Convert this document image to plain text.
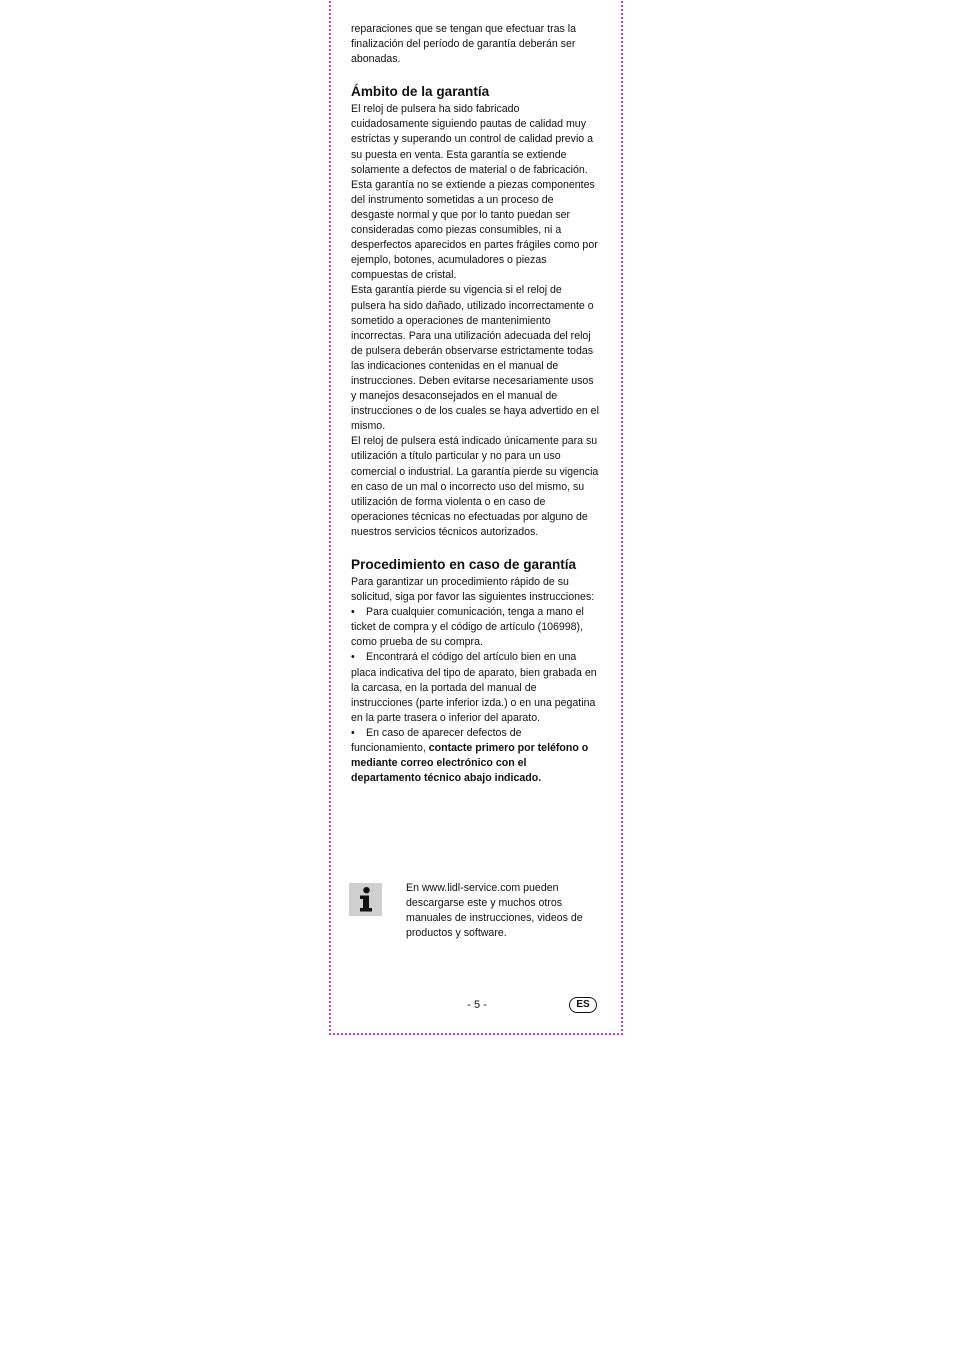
reparaciones que se tengan que efectuar tras la finalización del período de garantía deberán ser abonadas.

Ámbito de la garantía

El reloj de pulsera ha sido fabricado cuidadosamente siguiendo pautas de calidad muy estrictas y superando un control de calidad previo a su puesta en venta. Esta garantía se extiende solamente a defectos de material o de fabricación. Esta garantía no se extiende a piezas componentes del instrumento sometidas a un proceso de desgaste normal y que por lo tanto puedan ser consideradas como piezas consumibles, ni a desperfectos aparecidos en partes frágiles como por ejemplo, botones, acumuladores o piezas compuestas de cristal.

Esta garantía pierde su vigencia si el reloj de pulsera ha sido dañado, utilizado incorrectamente o sometido a operaciones de mantenimiento incorrectas. Para una utilización adecuada del reloj de pulsera deberán observarse estrictamente todas las indicaciones contenidas en el manual de instrucciones. Deben evitarse necesariamente usos y manejos desaconsejados en el manual de instrucciones o de los cuales se haya advertido en el mismo.

El reloj de pulsera está indicado únicamente para su utilización a título particular y no para un uso comercial o industrial. La garantía pierde su vigencia en caso de un mal o incorrecto uso del mismo, su utilización de forma violenta o en caso de operaciones técnicas no efectuadas por alguno de nuestros servicios técnicos autorizados.

Procedimiento en caso de garantía

Para garantizar un procedimiento rápido de su solicitud, siga por favor las siguientes instrucciones:

• Para cualquier comunicación, tenga a mano el ticket de compra y el código de artículo (106998), como prueba de su compra.

• Encontrará el código del artículo bien en una placa indicativa del tipo de aparato, bien grabada en la carcasa, en la portada del manual de instrucciones (parte inferior izda.) o en una pegatina en la parte trasera o inferior del aparato.

• En caso de aparecer defectos de funcionamiento, contacte primero por teléfono o mediante correo electrónico con el departamento técnico abajo indicado.

En www.lidl-service.com pueden descargarse este y muchos otros manuales de instrucciones, videos de productos y software.

- 5 -	ES
